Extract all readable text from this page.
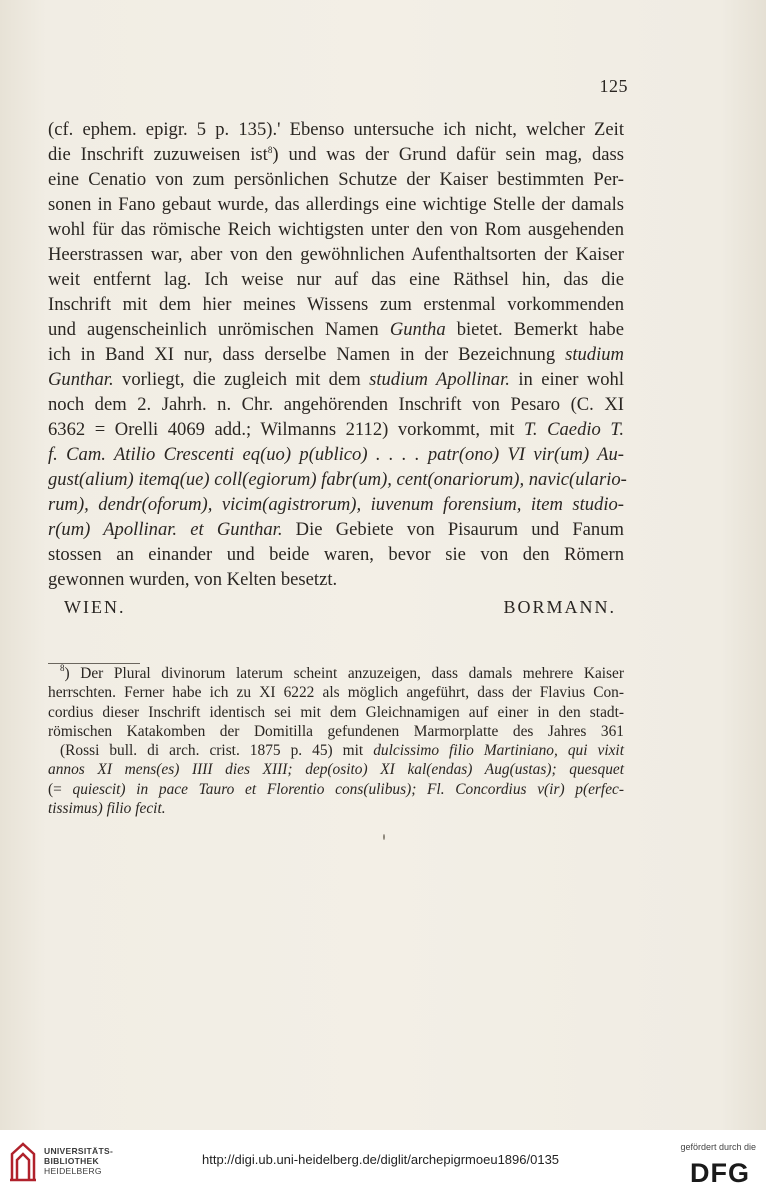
125
(cf. ephem. epigr. 5 p. 135).' Ebenso untersuche ich nicht, welcher Zeit
die Inschrift zuzuweisen ist$^8$) und was der Grund dafür sein mag, dass
eine Cenatio von zum persönlichen Schutze der Kaiser bestimmten Per-
sonen in Fano gebaut wurde, das allerdings eine wichtige Stelle der damals
wohl für das römische Reich wichtigsten unter den von Rom ausgehenden
Heerstrassen war, aber von den gewöhnlichen Aufenthaltsorten der Kaiser
weit entfernt lag. Ich weise nur auf das eine Räthsel hin, das die
Inschrift mit dem hier meines Wissens zum erstenmal vorkommenden
und augenscheinlich unrömischen Namen Guntha bietet. Bemerkt habe
ich in Band XI nur, dass derselbe Namen in der Bezeichnung studium
Gunthar. vorliegt, die zugleich mit dem studium Apollinar. in einer wohl
noch dem 2. Jahrh. n. Chr. angehörenden Inschrift von Pesaro (C. XI
6362 = Orelli 4069 add.; Wilmanns 2112) vorkommt, mit T. Caedio T.
f. Cam. Atilio Crescenti eq(uo) p(ublico) . . . . patr(ono) VI vir(um) Au-
gust(alium) itemq(ue) coll(egiorum) fabr(um), cent(onariorum), navic(ulario-
rum), dendr(oforum), vicim(agistrorum), iuvenum forensium, item studio-
r(um) Apollinar. et Gunthar. Die Gebiete von Pisaurum und Fanum
stossen an einander und beide waren, bevor sie von den Römern
gewonnen wurden, von Kelten besetzt.
WIEN.	BORMANN.
$^8$) Der Plural divinorum laterum scheint anzuzeigen, dass damals mehrere Kaiser
herrschten. Ferner habe ich zu XI 6222 als möglich angeführt, dass der Flavius Con-
cordius dieser Inschrift identisch sei mit dem Gleichnamigen auf einer in den stadt-
römischen Katakomben der Domitilla gefundenen Marmorplatte des Jahres 361
(Rossi bull. di arch. crist. 1875 p. 45) mit dulcissimo filio Martiniano, qui vixit
annos XI mens(es) IIII dies XIII; dep(osito) XI kal(endas) Aug(ustas); quesquet
(= quiescit) in pace Tauro et Florentio cons(ulibus); Fl. Concordius v(ir) p(erfec-
tissimus) filio fecit.
UNIVERSITÄTS-
BIBLIOTHEK
HEIDELBERG
http://digi.ub.uni-heidelberg.de/diglit/archepigrmoeu1896/0135
gefördert durch die
DFG
